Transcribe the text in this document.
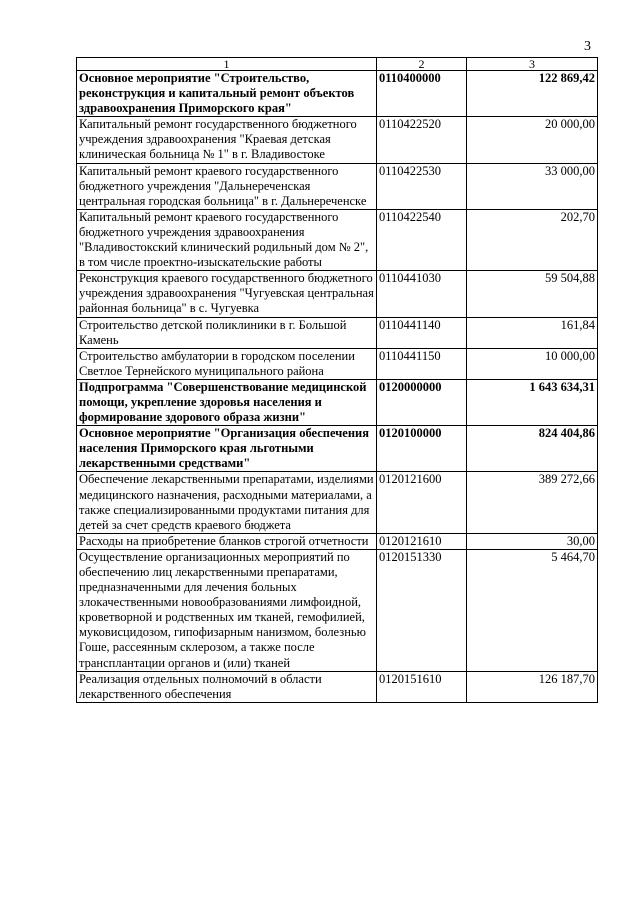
3
1	2	3
Основное мероприятие "Строительство, реконструкция и капитальный ремонт объектов здравоохранения Приморского края"	0110400000	122 869,42
Капитальный ремонт государственного бюджетного учреждения здравоохранения "Краевая детская клиническая больница № 1" в г. Владивостоке	0110422520	20 000,00
Капитальный ремонт краевого государственного бюджетного учреждения "Дальнереченская центральная городская больница" в г. Дальнереченске	0110422530	33 000,00
Капитальный ремонт краевого государственного бюджетного учреждения здравоохранения "Владивостокский клинический родильный дом № 2", в том числе проектно-изыскательские работы	0110422540	202,70
Реконструкция краевого государственного бюджетного учреждения здравоохранения "Чугуевская центральная районная больница" в с. Чугуевка	0110441030	59 504,88
Строительство детской поликлиники в г. Большой Камень	0110441140	161,84
Строительство амбулатории в городском поселении Светлое Тернейского муниципального района	0110441150	10 000,00
Подпрограмма "Совершенствование медицинской помощи, укрепление здоровья населения и формирование здорового образа жизни"	0120000000	1 643 634,31
Основное мероприятие "Организация обеспечения населения Приморского края льготными лекарственными средствами"	0120100000	824 404,86
Обеспечение лекарственными препаратами, изделиями медицинского назначения, расходными материалами, а также специализированными продуктами питания для детей за счет средств краевого бюджета	0120121600	389 272,66
Расходы на приобретение бланков строгой отчетности	0120121610	30,00
Осуществление организационных мероприятий по обеспечению лиц лекарственными препаратами, предназначенными для лечения больных злокачественными новообразованиями лимфоидной, кроветворной и родственных им тканей, гемофилией, муковисцидозом, гипофизарным нанизмом, болезнью Гоше, рассеянным склерозом, а также после трансплантации органов и (или) тканей	0120151330	5 464,70
Реализация отдельных полномочий в области лекарственного обеспечения	0120151610	126 187,70
